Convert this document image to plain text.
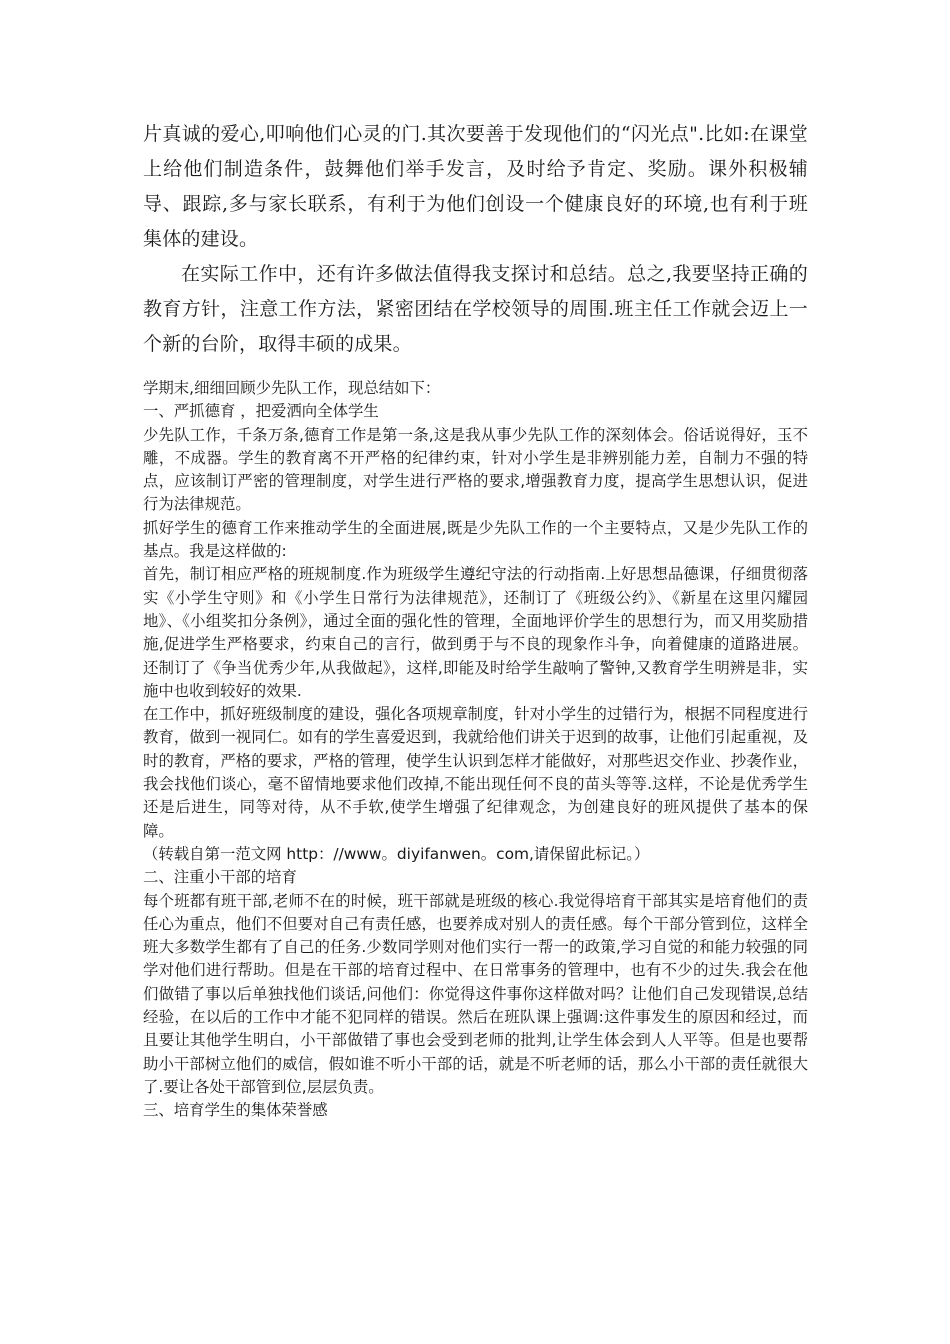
片真诚的爱心,叩响他们心灵的门.其次要善于发现他们的“闪光点".比如:在课堂上给他们制造条件，鼓舞他们举手发言，及时给予肯定、奖励。课外积极辅导、跟踪,多与家长联系，有利于为他们创设一个健康良好的环境,也有利于班集体的建设。

在实际工作中，还有许多做法值得我支探讨和总结。总之,我要坚持正确的教育方针，注意工作方法，紧密团结在学校领导的周围.班主任工作就会迈上一个新的台阶，取得丰硕的成果。

学期末,细细回顾少先队工作，现总结如下：

一、严抓德育 ，把爱洒向全体学生

少先队工作，千条万条,德育工作是第一条,这是我从事少先队工作的深刻体会。俗话说得好，玉不雕，不成器。学生的教育离不开严格的纪律约束，针对小学生是非辨别能力差，自制力不强的特点，应该制订严密的管理制度，对学生进行严格的要求,增强教育力度，提高学生思想认识，促进行为法律规范。

抓好学生的德育工作来推动学生的全面进展,既是少先队工作的一个主要特点，又是少先队工作的基点。我是这样做的:

首先，制订相应严格的班规制度.作为班级学生遵纪守法的行动指南.上好思想品德课，仔细贯彻落实《小学生守则》和《小学生日常行为法律规范》，还制订了《班级公约》、《新星在这里闪耀园地》、《小组奖扣分条例》，通过全面的强化性的管理，全面地评价学生的思想行为，而又用奖励措施,促进学生严格要求，约束自己的言行，做到勇于与不良的现象作斗争，向着健康的道路进展。还制订了《争当优秀少年,从我做起》，这样,即能及时给学生敲响了警钟,又教育学生明辨是非，实施中也收到较好的效果.

在工作中，抓好班级制度的建设，强化各项规章制度，针对小学生的过错行为，根据不同程度进行教育，做到一视同仁。如有的学生喜爱迟到，我就给他们讲关于迟到的故事，让他们引起重视，及时的教育，严格的要求，严格的管理，使学生认识到怎样才能做好，对那些迟交作业、抄袭作业，我会找他们谈心，毫不留情地要求他们改掉,不能出现任何不良的苗头等等.这样，不论是优秀学生还是后进生，同等对待，从不手软,使学生增强了纪律观念，为创建良好的班风提供了基本的保障。

（转载自第一范文网 http：//www。diyifanwen。com,请保留此标记。）

二、注重小干部的培育

每个班都有班干部,老师不在的时候，班干部就是班级的核心.我觉得培育干部其实是培育他们的责任心为重点，他们不但要对自己有责任感，也要养成对别人的责任感。每个干部分管到位，这样全班大多数学生都有了自己的任务.少数同学则对他们实行一帮一的政策,学习自觉的和能力较强的同学对他们进行帮助。但是在干部的培育过程中、在日常事务的管理中，也有不少的过失.我会在他们做错了事以后单独找他们谈话,问他们：你觉得这件事你这样做对吗？让他们自己发现错误,总结经验，在以后的工作中才能不犯同样的错误。然后在班队课上强调:这件事发生的原因和经过，而且要让其他学生明白，小干部做错了事也会受到老师的批判,让学生体会到人人平等。但是也要帮助小干部树立他们的威信，假如谁不听小干部的话，就是不听老师的话，那么小干部的责任就很大了.要让各处干部管到位,层层负责。

三、培育学生的集体荣誉感
